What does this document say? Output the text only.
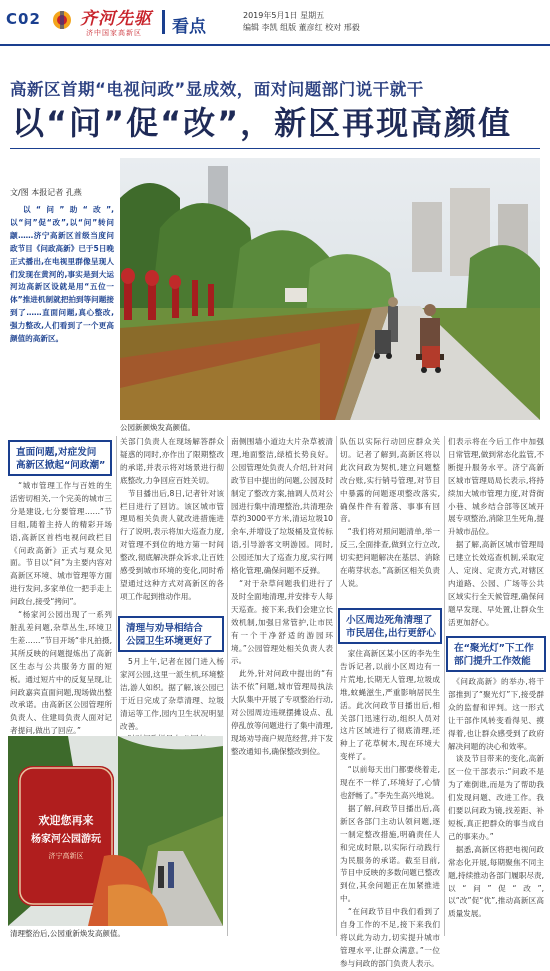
C02 齐河先驱
济中国家高新区 看点
2019年5月1日 星期五
编辑 李凯 组版 董彦红 校对 邢毅
高新区首期“电视问政”显成效，面对问题部门说干就干
以“问”促“改”，新区再现高颜值
文/图 本报记者 孔燕
　以“问”助“改”,以“问”促“改”,以“问”转问颛……济宁高新区首级当度问政节目《问政高新》已于5日晚正式播出,在电视里群像呈现人们发现在黄河的,事实是到大运河边高新区设就是用“五位一体”推进机制就把拍到等问题接到了……直面问题,真心整改,强力整改,人们看到了一个更高颜值的高新区。
公园新颜焕发高颜值。
直面问题,对症发问
高新区掀起“问政潮”
　“城市管理工作与百姓的生活密切相关,一个完美的城市三分是建设,七分要管理……”节目组,随着主持人的精彩开场语,高新区首档电视问政栏目《问政高新》正式与观众见面。节目以“问”为主要内容对高新区环境、城市管理等方面进行发问,多家单位一把手走上问政台,接受“拷问”。
　“杨家河公园出现了一系列脏乱差问题,杂草丛生,环境卫生差……”节目开场“非凡拍摄,其所反映的问题提炼出了高新区生态与公共服务方面的短板。通过短片中的反复呈现,让问政嘉宾直面问题,现场做出整改承诺。由高新区公园管理所负责人、住建局负责人面对记者提问,做出了回应。”

关部门负责人在现场解答群众疑惑的同时,亦作出了限期整改的承诺,并表示将对场景进行彻底整改,力争回应百姓关切。
　节目播出后,8日,记者针对该栏目进行了回访。该区城市管理局相关负责人就改进措施进行了说明,表示将加大巡查力度,对管理不到位的地方第一时间整改,彻底解决群众诉求,让百姓感受到城市环境的变化,同时希望通过这种方式对高新区的各项工作起到推动作用。
清理与劝导相结合
公园卫生环境更好了
　5月上午,记者在园门进入杨家河公园,这里一派生机,环境整洁,游人如织。据了解,该公园已于近日完成了杂草清理、垃圾清运等工作,园内卫生状况明显改善。

南侧围墙小道边大片杂草被清理,地面整洁,绿植长势良好。公园管理处负责人介绍,针对问政节目中提出的问题,公园及时制定了整改方案,抽调人员对公园进行集中清理整治,共清理杂草约3000平方米,清运垃圾10余车,并增设了垃圾桶及宣传标语,引导游客文明游园。同时,公园还加大了巡查力度,实行网格化管理,确保问题不反弹。
　“对于杂草问题我们进行了及时全面地清理,并安排专人每天巡查。接下来,我们会建立长效机制,加强日常管护,让市民有一个干净舒适的游园环境。”公园管理处相关负责人表示。
　此外,针对问政中提出的“有法不依”问题,城市管理局执法大队集中开展了专项整治行动,对公园周边违规摆摊设点、乱停乱放等问题进行了集中清理,现场劝导商户规范经营,并下发整改通知书,确保整改到位。
队伍以实际行动回应群众关切。记者了解到,高新区将以此次问政为契机,建立问题整改台账,实行销号管理,对节目中暴露的问题逐项整改落实,确保件件有着落、事事有回音。
　“我们将对照问题清单,举一反三,全面排查,做到立行立改,切实把问题解决在基层、消除在萌芽状态。”高新区相关负责人说。
小区周边死角清理了
市民居住,出行更舒心
　家住高新区某小区的李先生告诉记者,以前小区周边有一片荒地,长期无人管理,垃圾成堆,蚊蝇滋生,严重影响居民生活。此次问政节目播出后,相关部门迅速行动,组织人员对这片区域进行了彻底清理,还种上了花草树木,现在环境大变样了。
　“以前每天出门都要绕着走,现在不一样了,环境好了,心情也舒畅了。”李先生高兴地说。
　据了解,问政节目播出后,高新区各部门主动认领问题,逐一制定整改措施,明确责任人和完成时限,以实际行动践行为民服务的承诺。截至目前,节目中反映的多数问题已整改到位,其余问题正在加紧推进中。
　“在问政节目中我们看到了自身工作的不足,接下来我们将以此为动力,切实提升城市管理水平,让群众满意。”一位参与问政的部门负责人表示。
们表示将在今后工作中加强日常管理,做到常态化监管,不断提升服务水平。济宁高新区城市管理局局长表示,将持续加大城市管理力度,对背街小巷、城乡结合部等区域开展专项整治,消除卫生死角,提升城市品位。
　据了解,高新区城市管理局已建立长效巡查机制,采取定人、定岗、定责方式,对辖区内道路、公园、广场等公共区域实行全天候管理,确保问题早发现、早处置,让群众生活更加舒心。
在“聚光灯”下工作
部门提升工作效能
　《问政高新》的举办,将干部推到了“聚光灯”下,接受群众的监督和评判。这一形式让干部作风转变看得见、摸得着,也让群众感受到了政府解决问题的决心和效率。
　谈及节目带来的变化,高新区一位干部表示:“问政不是为了难倒谁,而是为了帮助我们发现问题、改进工作。我们要以问政为镜,找差距、补短板,真正把群众的事当成自己的事来办。”
　据悉,高新区将把电视问政常态化开展,每期聚焦不同主题,持续推动各部门履职尽责,以“问”促“改”,以“改”促“优”,推动高新区高质量发展。
欢迎您再来
杨家河公园游玩
济宁高新区
清理整治后,公园重新焕发高颜值。
